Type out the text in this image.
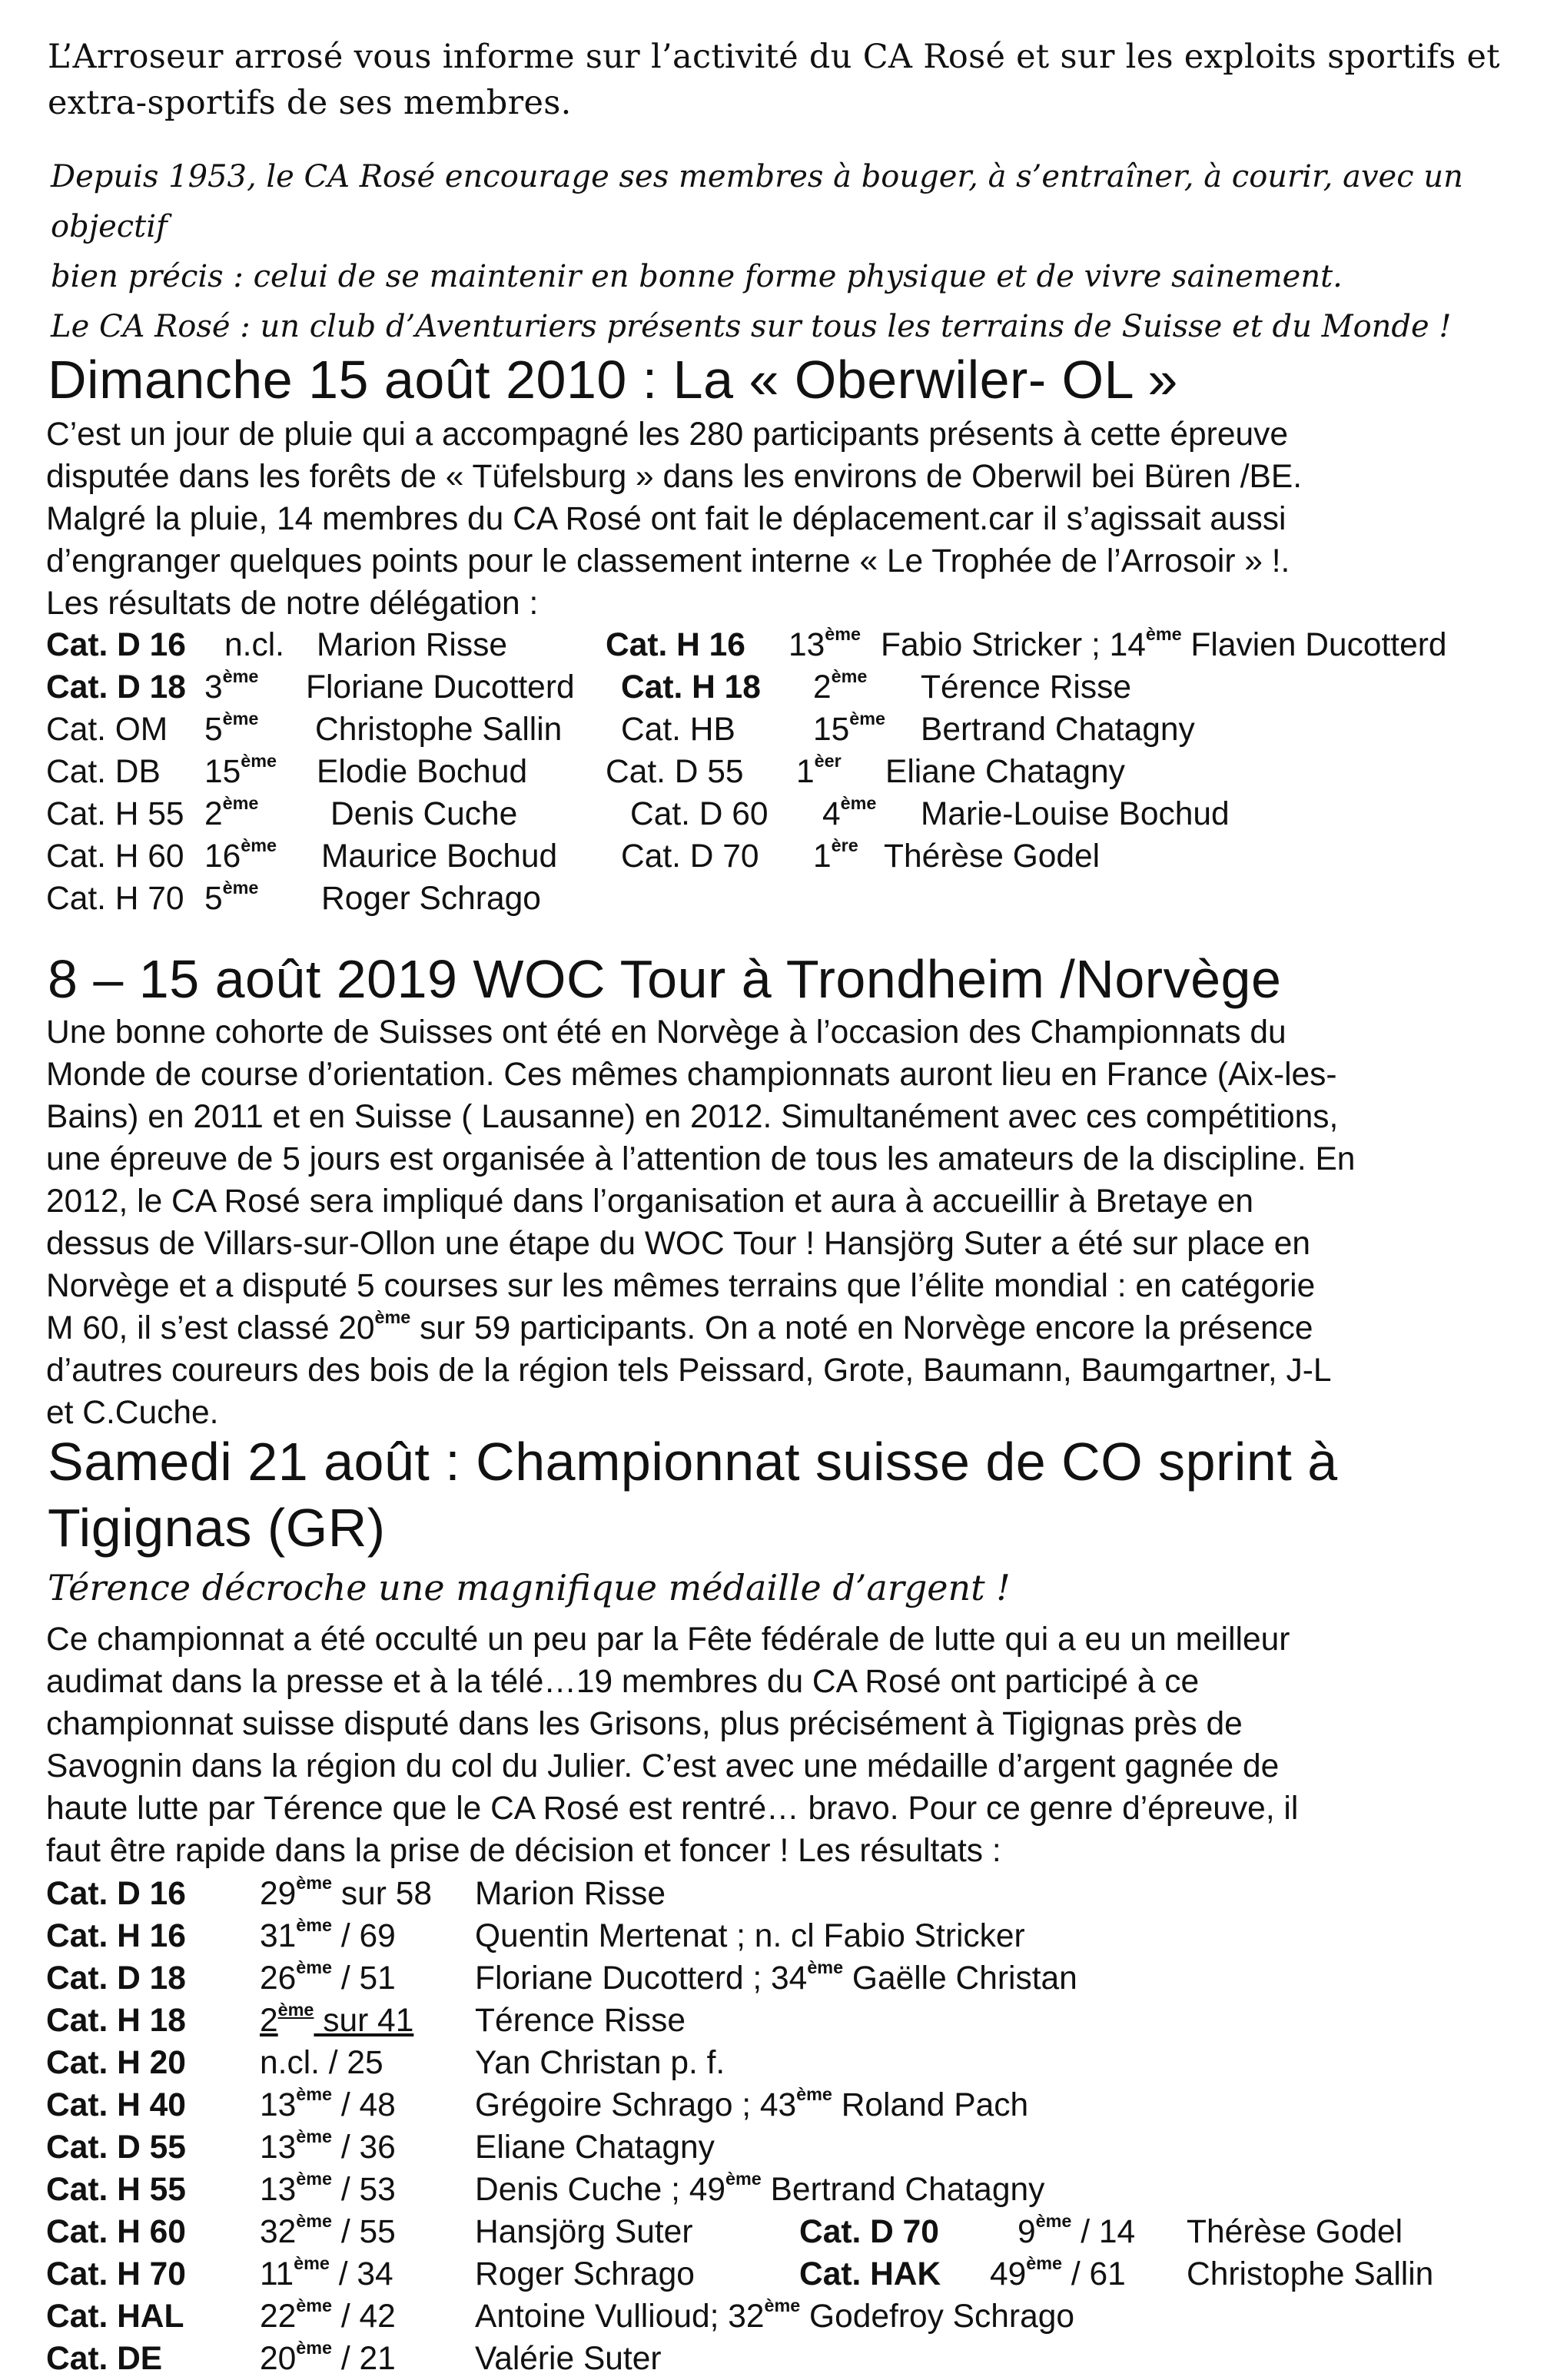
L’Arroseur arrosé vous informe sur l’activité du CA Rosé et sur les exploits sportifs et

extra-sportifs de ses membres.

Depuis 1953, le CA Rosé encourage ses membres à bouger, à s’entraîner, à courir, avec un objectif

bien précis : celui de se maintenir en bonne forme physique et de vivre sainement.

Le CA Rosé : un club d’Aventuriers présents sur tous les terrains de Suisse et du Monde !

Dimanche 15 août 2010 : La « Oberwiler- OL »
C’est un jour de pluie qui a accompagné les 280 participants présents à cette épreuve
disputée dans les forêts de « Tüfelsburg » dans les environs de Oberwil bei Büren /BE.
Malgré la pluie, 14 membres du CA Rosé ont fait le déplacement.car il s’agissait aussi
d’engranger quelques points pour le classement interne « Le Trophée de l’Arrosoir » !.
Les résultats de notre délégation :
Cat. D 16 n.cl. Marion Risse	Cat. H 16 13ème Fabio Stricker ; 14ème Flavien Ducotterd
Cat. D 18 3ème Floriane Ducotterd Cat. H 18 2ème Térence Risse
Cat. OM 5ème Christophe Sallin Cat. HB 15ème Bertrand Chatagny
Cat. DB 15ème Elodie Bochud Cat. D 55 $1^{èer}$ Eliane Chatagny
Cat. H 55 2ème Denis Cuche	Cat. D 60 4ème Marie-Louise Bochud
Cat. H 60 16ème Maurice Bochud Cat. D 70 1ère Thérèse Godel
Cat. H 70 5ème Roger Schrago
8 – 15 août 2019 WOC Tour à Trondheim /Norvège
Une bonne cohorte de Suisses ont été en Norvège à l’occasion des Championnats du
Monde de course d’orientation. Ces mêmes championnats auront lieu en France (Aix-les-
Bains) en 2011 et en Suisse ( Lausanne) en 2012. Simultanément avec ces compétitions,
une épreuve de 5 jours est organisée à l’attention de tous les amateurs de la discipline. En
2012, le CA Rosé sera impliqué dans l’organisation et aura à accueillir à Bretaye en
dessus de Villars-sur-Ollon une étape du WOC Tour ! Hansjörg Suter a été sur place en
Norvège et a disputé 5 courses sur les mêmes terrains que l’élite mondial : en catégorie
M 60, il s’est classé 20ème sur 59 participants. On a noté en Norvège encore la présence
d’autres coureurs des bois de la région tels Peissard, Grote, Baumann, Baumgartner, J-L
et C.Cuche.
Samedi 21 août : Championnat suisse de CO sprint à
Tigignas (GR)
Térence décroche une magnifique médaille d’argent !
Ce championnat a été occulté un peu par la Fête fédérale de lutte qui a eu un meilleur
audimat dans la presse et à la télé…19 membres du CA Rosé ont participé à ce
championnat suisse disputé dans les Grisons, plus précisément à Tigignas près de
Savognin dans la région du col du Julier. C’est avec une médaille d’argent gagnée de
haute lutte par Térence que le CA Rosé est rentré… bravo. Pour ce genre d’épreuve, il
faut être rapide dans la prise de décision et foncer ! Les résultats :
Cat. D 16 29ème sur 58 Marion Risse
Cat. H 16 31ème / 69 Quentin Mertenat ; n. cl Fabio Stricker
Cat. D 18 26ème / 51 Floriane Ducotterd ; 34ème Gaëlle Christan
Cat. H 18 2ème sur 41 Térence Risse
Cat. H 20 n.cl. / 25	Yan Christan p. f.
Cat. H 40 13ème / 48 Grégoire Schrago ; 43ème Roland Pach
Cat. D 55 13ème / 36 Eliane Chatagny
Cat. H 55 13ème / 53 Denis Cuche ; 49ème Bertrand Chatagny
Cat. H 60 32ème / 55 Hansjörg Suter	Cat. D 70 9ème / 14 Thérèse Godel
Cat. H 70 11ème / 34	Roger Schrago	Cat. HAK 49ème / 61 Christophe Sallin
Cat. HAL 22ème / 42 Antoine Vullioud; 32ème Godefroy Schrago
Cat. DE	20ème / 21 Valérie Suter
